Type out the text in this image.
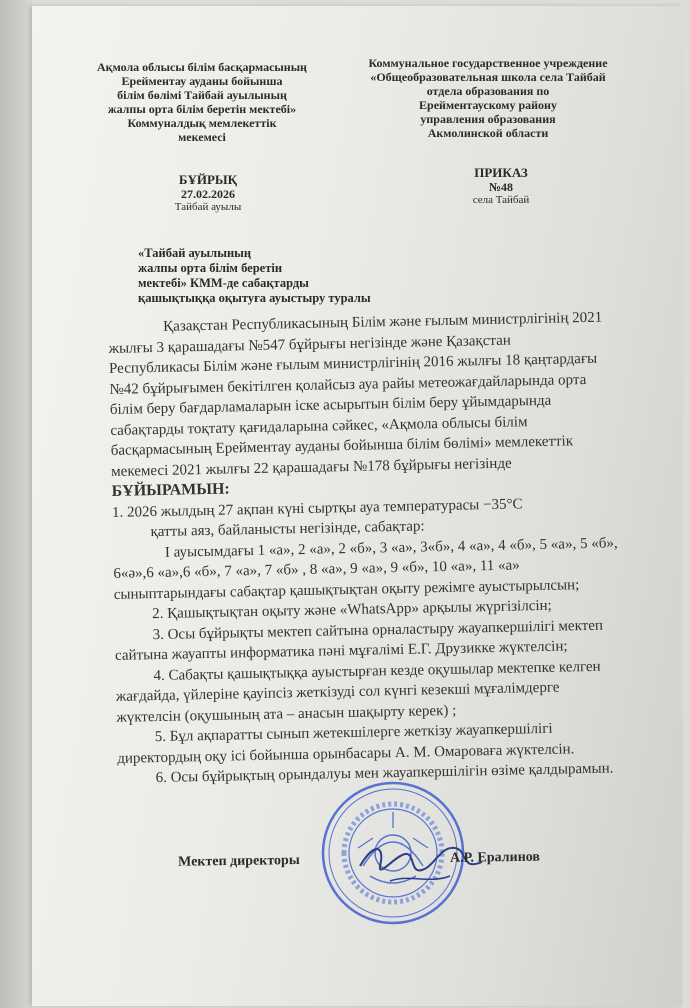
Ақмола облысы білім басқармасының
Ерейментау ауданы бойынша
білім бөлімі Тайбай ауылының
жалпы орта білім беретін мектебі»
Коммуналдық мемлекеттік
мекемесі
Коммунальное государственное учреждение
«Общеобразовательная школа села Тайбай
отдела образования по
Ерейментаускому району
управления образования
Акмолинской области
БҰЙРЫҚ
27.02.2026
Тайбай ауылы
ПРИКАЗ
№48
села Тайбай
«Тайбай ауылының
жалпы орта білім беретін
мектебі» КММ-де сабақтарды
қашықтыққа оқытуға ауыстыру туралы
Қазақстан Республикасының Білім және ғылым министрлігінің 2021
жылғы 3 қарашадағы №547 бұйрығы негізінде және Қазақстан
Республикасы Білім және ғылым министрлігінің 2016 жылғы 18 қаңтардағы
№42 бұйрығымен бекітілген қолайсыз ауа райы метеожағдайларында орта
білім беру бағдарламаларын іске асырытын білім беру ұйымдарында
сабақтарды тоқтату қағидаларына сәйкес, «Ақмола облысы білім
басқармасының Ерейментау ауданы бойынша білім бөлімі» мемлекеттік
мекемесі 2021 жылғы 22 қарашадағы №178 бұйрығы негізінде
БҰЙЫРАМЫН:
1. 2026 жылдың 27 ақпан күні сыртқы ауа температурасы −35°С
қатты аяз, байланысты негізінде, сабақтар:
І ауысымдағы 1 «а», 2 «а», 2 «б», 3 «а», 3«б», 4 «а», 4 «б», 5 «а», 5 «б»,
6«ә»,6 «а»,6 «б», 7 «а», 7 «б» , 8 «а», 9 «а», 9 «б», 10 «а», 11 «а»
сыныптарындағы сабақтар қашықтықтан оқыту режімге ауыстырылсын;
2. Қашықтықтан оқыту және «WhatsApp» арқылы жүргізілсін;
3. Осы бұйрықты мектеп сайтына орналастыру жауапкершілігі мектеп
сайтына жауапты информатика пәні мұғалімі Е.Г. Друзикке жүктелсін;
4. Сабақты қашықтыққа ауыстырған кезде оқушылар мектепке келген
жағдайда, үйлеріне қауіпсіз жеткізуді сол күнгі кезекші мұғалімдерге
жүктелсін (оқушының ата – анасын шақырту керек) ;
5. Бұл ақпаратты сынып жетекшілерге жеткізу жауапкершілігі
директордың оқу ісі бойынша орынбасары А. М. Омароваға жүктелсін.
6. Осы бұйрықтың орындалуы мен жауапкершілігін өзіме қалдырамын.
Мектеп директоры	А.Р. Ералинов
